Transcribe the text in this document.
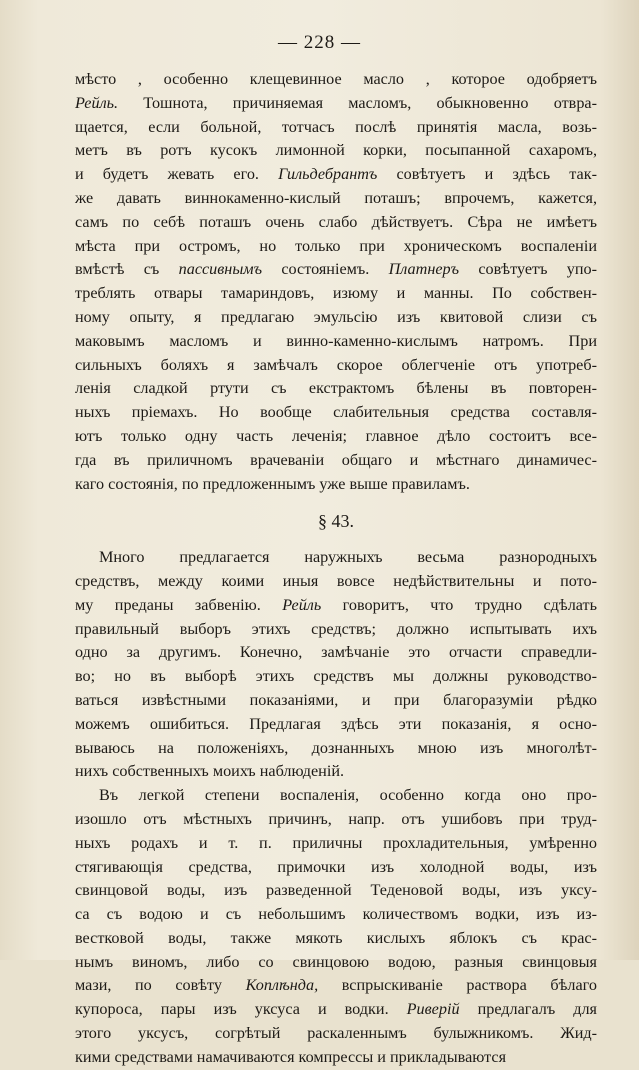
— 228 —

мѣсто , особенно клещевинное масло , которое одобряетъ
Рейль. Тошнота, причиняемая масломъ, обыкновенно отвра-
щается, если больной, тотчасъ послѣ принятія масла, возь-
метъ въ ротъ кусокъ лимонной корки, посыпанной сахаромъ,
и будетъ жевать его. Гильдебрантъ совѣтуетъ и здѣсь так-
же давать виннокаменно-кислый поташъ; впрочемъ, кажется,
самъ по себѣ поташъ очень слабо дѣйствуетъ. Сѣра не имѣетъ
мѣста при остромъ, но только при хроническомъ воспаленіи
вмѣстѣ съ пассивнымъ состояніемъ. Платнеръ совѣтуетъ упо-
треблять отвары тамариндовъ, изюму и манны. По собствен-
ному опыту, я предлагаю эмульсію изъ квитовой слизи съ
маковымъ масломъ и винно-каменно-кислымъ натромъ. При
сильныхъ боляхъ я замѣчалъ скорое облегченіе отъ употреб-
ленія сладкой ртути съ екстрактомъ бѣлены въ повторен-
ныхъ пріемахъ. Но вообще слабительныя средства составля-
ютъ только одну часть леченія; главное дѣло состоитъ все-
гда въ приличномъ врачеваніи общаго и мѣстнаго динамичес-
каго состоянія, по предложеннымъ уже выше правиламъ.

§ 43.

Много предлагается наружныхъ весьма разнородныхъ
средствъ, между коими иныя вовсе недѣйствительны и пото-
му преданы забвенію. Рейль говоритъ, что трудно сдѣлать
правильный выборъ этихъ средствъ; должно испытывать ихъ
одно за другимъ. Конечно, замѣчаніе это отчасти справедли-
во; но въ выборѣ этихъ средствъ мы должны руководство-
ваться извѣстными показаніями, и при благоразуміи рѣдко
можемъ ошибиться. Предлагая здѣсь эти показанія, я осно-
вываюсь на положеніяхъ, дознанныхъ мною изъ многолѣт-
нихъ собственныхъ моихъ наблюденій.

Въ легкой степени воспаленія, особенно когда оно про-
изошло отъ мѣстныхъ причинъ, напр. отъ ушибовъ при труд-
ныхъ родахъ и т. п. приличны прохладительныя, умѣренно
стягивающія средства, примочки изъ холодной воды, изъ
свинцовой воды, изъ разведенной Теденовой воды, изъ уксу-
са съ водою и съ небольшимъ количествомъ водки, изъ из-
вестковой воды, также мякоть кислыхъ яблокъ съ крас-
нымъ виномъ, либо со свинцовою водою, разныя свинцовыя
мази, по совѣту Коплѣнда, вспрыскиваніе раствора бѣлаго
купороса, пары изъ уксуса и водки. Риверій предлагалъ для
этого уксусъ, согрѣтый раскаленнымъ булыжникомъ. Жид-
кими средствами намачиваются компрессы и прикладываются
